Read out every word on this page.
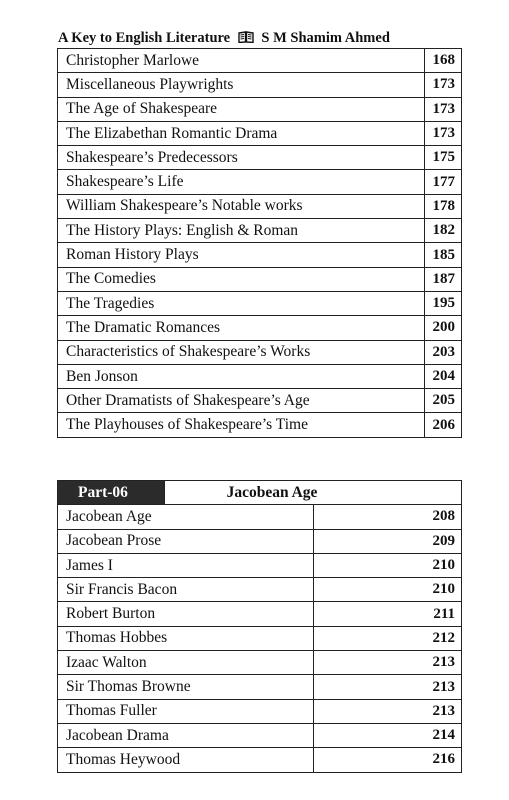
A Key to English Literature S M Shamim Ahmed
Christopher Marlowe	168
Miscellaneous Playwrights	173
The Age of Shakespeare	173
The Elizabethan Romantic Drama	173
Shakespeare’s Predecessors	175
Shakespeare’s Life	177
William Shakespeare’s Notable works	178
The History Plays: English & Roman	182
Roman History Plays	185
The Comedies	187
The Tragedies	195
The Dramatic Romances	200
Characteristics of Shakespeare’s Works	203
Ben Jonson	204
Other Dramatists of Shakespeare’s Age	205
The Playhouses of Shakespeare’s Time	206
Part-06	Jacobean Age	
Jacobean Age		208
Jacobean Prose		209
James I		210
Sir Francis Bacon		210
Robert Burton		211
Thomas Hobbes		212
Izaac Walton		213
Sir Thomas Browne		213
Thomas Fuller		213
Jacobean Drama		214
Thomas Heywood		216
